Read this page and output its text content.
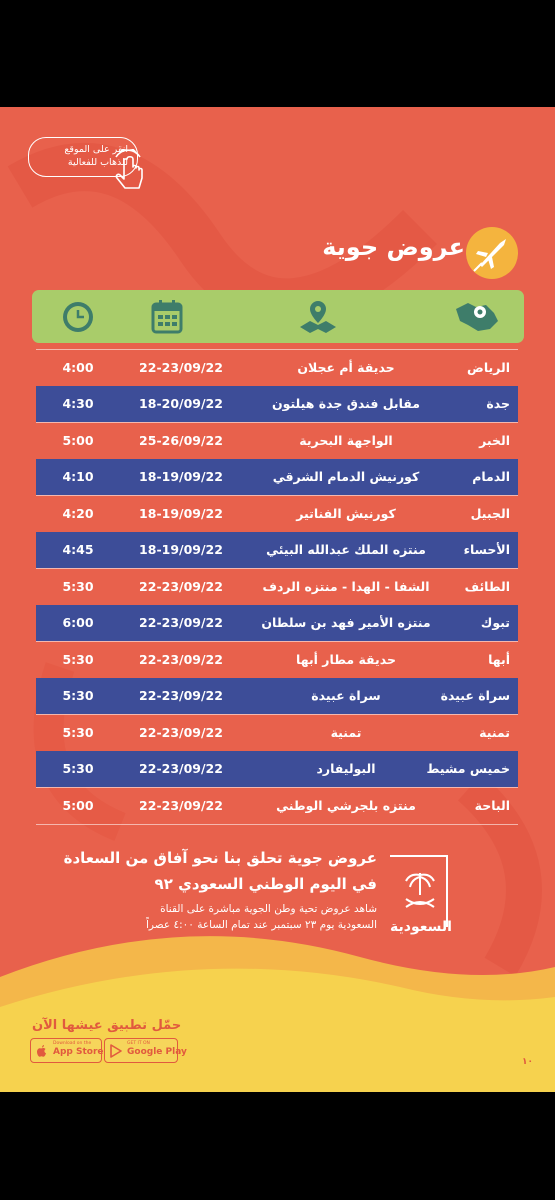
انقر على الموقع
للذهاب للفعالية
عروض جوية
الرياض
حديقة أم عجلان
22-23/09/22
4:00
جدة
مقابل فندق جدة هيلتون
18-20/09/22
4:30
الخبر
الواجهة البحرية
25-26/09/22
5:00
الدمام
كورنيش الدمام الشرقي
18-19/09/22
4:10
الجبيل
كورنيش الفناتير
18-19/09/22
4:20
الأحساء
منتزه الملك عبدالله البيئي
18-19/09/22
4:45
الطائف
الشفا - الهدا - منتزه الردف
22-23/09/22
5:30
تبوك
منتزه الأمير فهد بن سلطان
22-23/09/22
6:00
أبها
حديقة مطار أبها
22-23/09/22
5:30
سراة عبيدة
سراة عبيدة
22-23/09/22
5:30
تمنية
تمنية
22-23/09/22
5:30
خميس مشيط
البوليفارد
22-23/09/22
5:30
الباحة
منتزه بلجرشي الوطني
22-23/09/22
5:00
عروض جوية تحلق بنا نحو آفاق من السعادة
في اليوم الوطني السعودي ٩٢
شاهد عروض تحية وطن الجوية مباشرة على القناة
السعودية يوم ٢٣ سبتمبر عند تمام الساعة ٤:٠٠ عصراً السعودية
حمّل تطبيق عيشها الآن
Download on the
App Store
GET IT ON
Google Play
١٠
